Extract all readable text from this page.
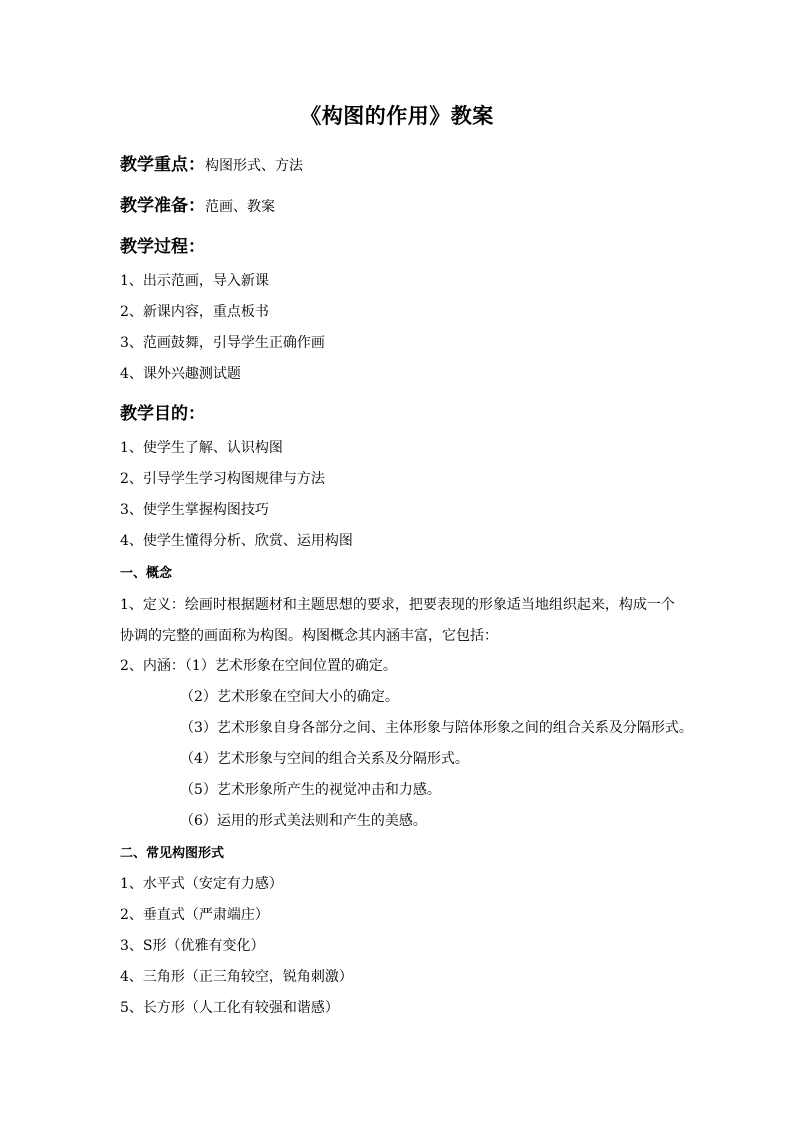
《构图的作用》教案
教学重点：构图形式、方法
教学准备：范画、教案
教学过程：
1、出示范画，导入新课
2、新课内容，重点板书
3、范画鼓舞，引导学生正确作画
4、课外兴趣测试题
教学目的：
1、使学生了解、认识构图
2、引导学生学习构图规律与方法
3、使学生掌握构图技巧
4、使学生懂得分析、欣赏、运用构图
一、概念
1、定义：绘画时根据题材和主题思想的要求，把要表现的形象适当地组织起来，构成一个
协调的完整的画面称为构图。构图概念其内涵丰富，它包括：
2、内涵：（1）艺术形象在空间位置的确定。
（2）艺术形象在空间大小的确定。
（3）艺术形象自身各部分之间、主体形象与陪体形象之间的组合关系及分隔形式。
（4）艺术形象与空间的组合关系及分隔形式。
（5）艺术形象所产生的视觉冲击和力感。
（6）运用的形式美法则和产生的美感。
二、常见构图形式
1、水平式（安定有力感）
2、垂直式（严肃端庄）
3、S形（优雅有变化）
4、三角形（正三角较空，锐角刺激）
5、长方形（人工化有较强和谐感）
